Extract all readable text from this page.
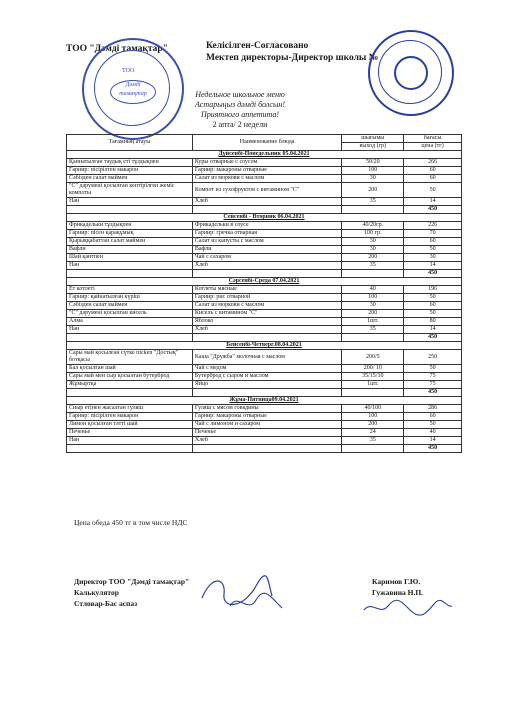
ТОО "Дәмді тамақтар"	Келісілген-Согласовано
Мектеп директоры-Директор школы №
ТОО
Дәмді
тамақтар	Недельное школьное меню
Астарыңыз дәмді болсын!
Приятного аппетита!
2 апта/ 2 недели
Тағамның атауы	Наименование блюда	шығымы	бағасы
		выход (гр)	цена (тг)
Дүйсенбі-Понедельник 05.04.2021			
Қаннатылған таудық еті тұздықпен	Куры отварные с соусом	50/20	266
Гарнир: пісірілген макарон	Гарнир: макароны отварные	100	60
Сәбізден салат маймен	Салат из моркови с маслом	30	60
"С" дәруменi қосылған кептірілген жеміс компоты	Компот из сухофруктов с витамином "С"	200	50
Нан	Хлеб	35	14
			450
Сейсенбі - Вторник 06.04.2021			
Фрикадельки тұздықпен	Фрикадельки в соусе	40/20гр.	226
Гарнир: пісен қарақұмық	Гарнир: гречка отварная	100 гр.	70
Қырыққабаттан салат маймен	Салат из капусты с маслом	30	60
Вафли	Вафли	30	50
Шай қантпен	Чай с сахаром	200	30
Нан	Хлеб	35	14
			450
Сәрсенбі-Среда 07.04.2021			
Ет котлеті	Котлеты мясные	40	196
Гарнир: қайнатылған күріш	Гарнир: рис отварной	100	50
Сәбізден салат маймен	Салат из моркови с маслом	30	60
"С" дәруменi қосылған кисель	Кисель с витамином "С"	200	50
Алма	Яблоко	1шт.	80
Нан	Хлеб	35	14
			450
Бейсенбі-Четверг.08.04.2021			
Сары май қосылған сүтке пісken "Достық" ботқасы	Каша "Дружба" молочная с маслом	200/5	250
Бал қосылған шай	Чай с медом	200/ 10	50
Сары май мен сыр қосылған бутерброд	Бутерброд с сыром и маслом	35/15/10	75
Жұмыртқа	Яйцо	1шт.	75
			450
Жұма-Пятница09.04.2021			
Сиыр етінен жасалған гуляш	Гуляш с мясом говядины	40/100	286
Гарнир: пісірілген макарон	Гарнир: макароны отварные	100	60
Лимон қосылған тәтті шай	Чай с лимоном и сахаром	200	50
Печенье	Печенье	24	40
Нан	Хлеб	35	14
			450
Цена обеда 450 тг в том числе НДС
Директор ТОО "Дәмді тамақтар"
Калькулятор
Стловар-Бас аспаз
Каримов Г.Ю.
Гужавина Н.П.
